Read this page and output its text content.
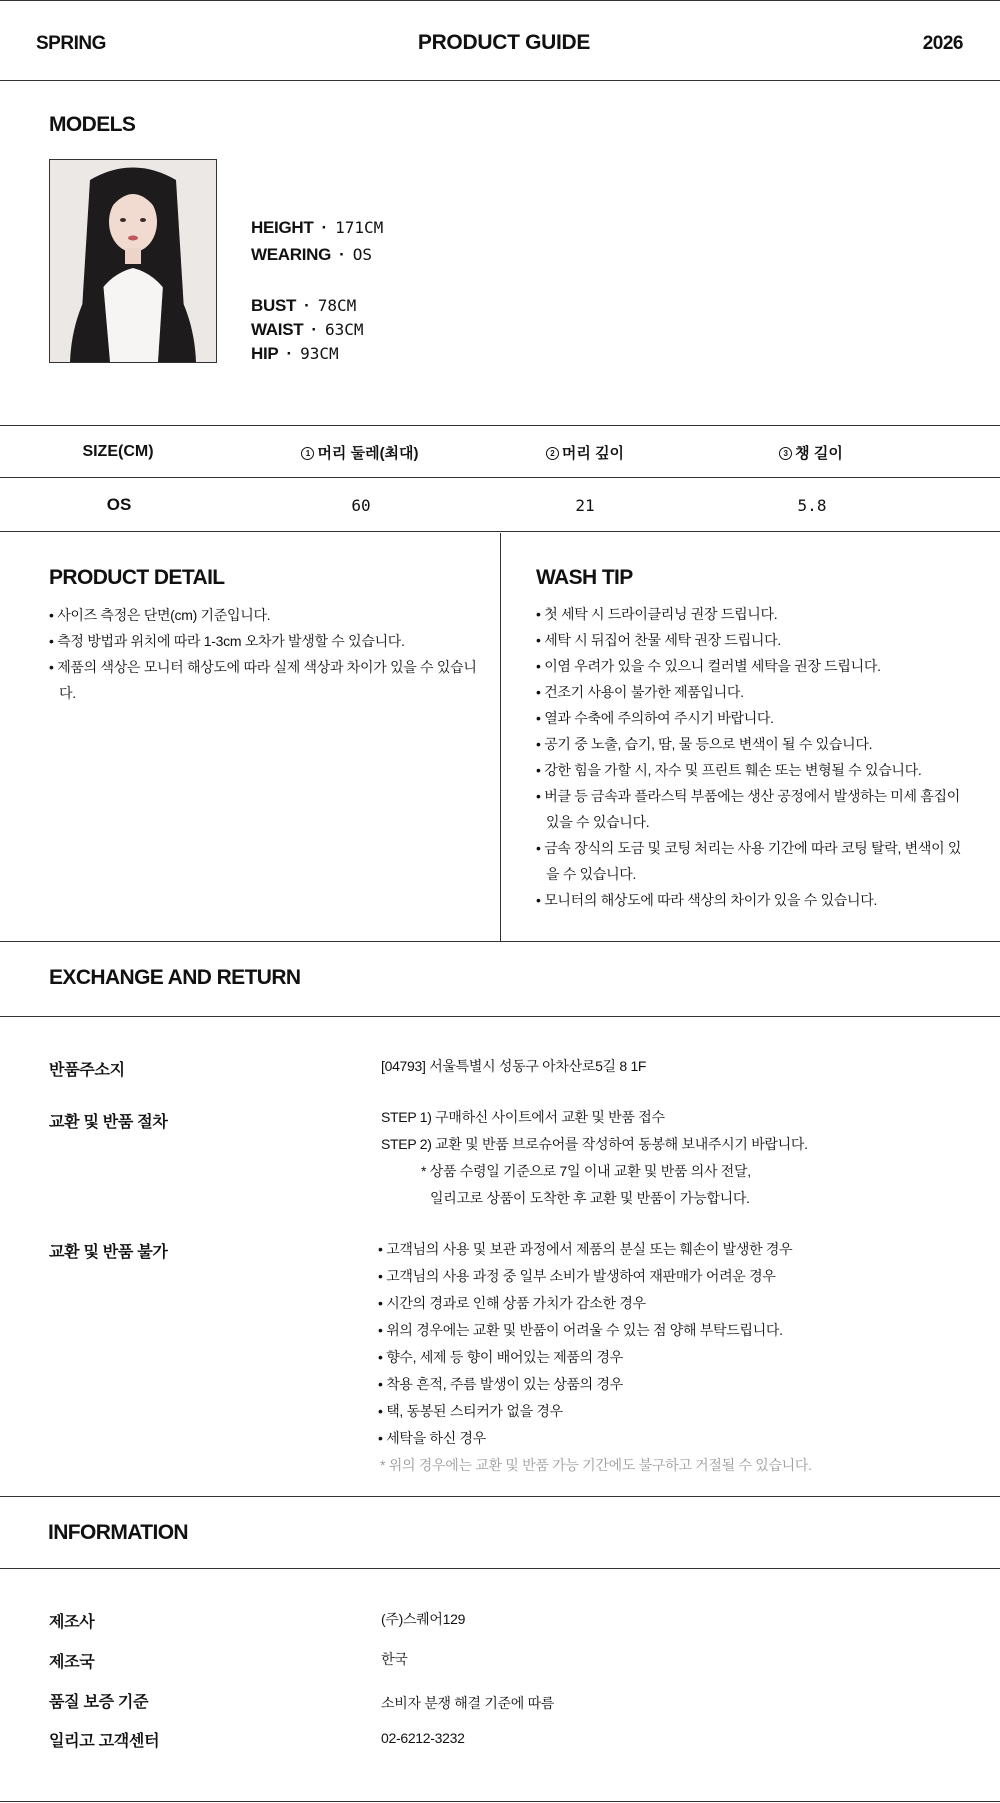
SPRING	PRODUCT GUIDE	2026
MODELS
HEIGHT · 171CM
WEARING · OS
BUST · 78CM
WAIST · 63CM
HIP · 93CM
SIZE(CM)	1 머리 둘레(최대)	2 머리 깊이	3 챙 길이
OS	60	21	5.8
PRODUCT DETAIL
• 사이즈 측정은 단면(cm) 기준입니다.
• 측정 방법과 위치에 따라 1-3cm 오차가 발생할 수 있습니다.
• 제품의 색상은 모니터 해상도에 따라 실제 색상과 차이가 있을 수 있습니다.
WASH TIP
• 첫 세탁 시 드라이클리닝 권장 드립니다.
• 세탁 시 뒤집어 찬물 세탁 권장 드립니다.
• 이염 우려가 있을 수 있으니 컬러별 세탁을 권장 드립니다.
• 건조기 사용이 불가한 제품입니다.
• 열과 수축에 주의하여 주시기 바랍니다.
• 공기 중 노출, 습기, 땀, 물 등으로 변색이 될 수 있습니다.
• 강한 힘을 가할 시, 자수 및 프린트 훼손 또는 변형될 수 있습니다.
• 버클 등 금속과 플라스틱 부품에는 생산 공정에서 발생하는 미세 흠집이 있을 수 있습니다.
• 금속 장식의 도금 및 코팅 처리는 사용 기간에 따라 코팅 탈락, 변색이 있을 수 있습니다.
• 모니터의 해상도에 따라 색상의 차이가 있을 수 있습니다.
EXCHANGE AND RETURN
반품주소지	[04793] 서울특별시 성동구 아차산로5길 8 1F
교환 및 반품 절차	STEP 1) 구매하신 사이트에서 교환 및 반품 접수
STEP 2) 교환 및 반품 브로슈어를 작성하여 동봉해 보내주시기 바랍니다.
* 상품 수령일 기준으로 7일 이내 교환 및 반품 의사 전달,
일리고로 상품이 도착한 후 교환 및 반품이 가능합니다.
교환 및 반품 불가	• 고객님의 사용 및 보관 과정에서 제품의 분실 또는 훼손이 발생한 경우
• 고객님의 사용 과정 중 일부 소비가 발생하여 재판매가 어려운 경우
• 시간의 경과로 인해 상품 가치가 감소한 경우
• 위의 경우에는 교환 및 반품이 어려울 수 있는 점 양해 부탁드립니다.
• 향수, 세제 등 향이 배어있는 제품의 경우
• 착용 흔적, 주름 발생이 있는 상품의 경우
• 택, 동봉된 스티커가 없을 경우
• 세탁을 하신 경우
* 위의 경우에는 교환 및 반품 가능 기간에도 불구하고 거절될 수 있습니다.
INFORMATION
제조사	(주)스퀘어129
제조국	한국
품질 보증 기준	소비자 분쟁 해결 기준에 따름
일리고 고객센터	02-6212-3232
